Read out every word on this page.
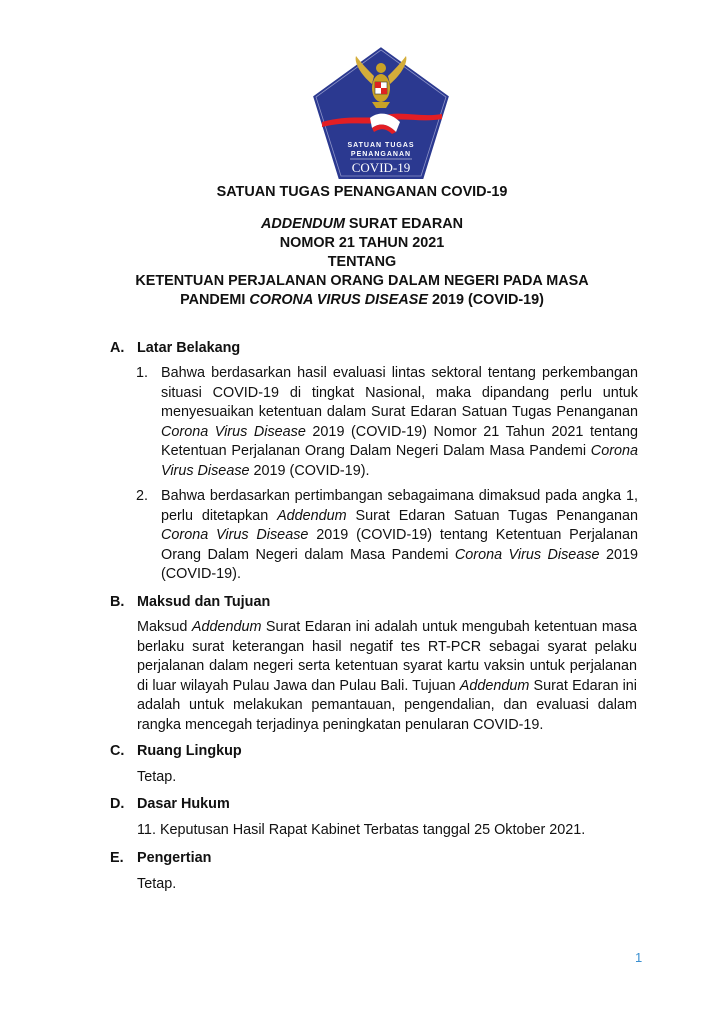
SATUAN TUGAS
PENANGANAN
COVID-19
SATUAN TUGAS PENANGANAN COVID-19
ADDENDUM SURAT EDARAN
NOMOR 21 TAHUN 2021
TENTANG
KETENTUAN PERJALANAN ORANG DALAM NEGERI PADA MASA
PANDEMI CORONA VIRUS DISEASE 2019 (COVID-19)
A. Latar Belakang
1. Bahwa berdasarkan hasil evaluasi lintas sektoral tentang perkembangan situasi COVID-19 di tingkat Nasional, maka dipandang perlu untuk menyesuaikan ketentuan dalam Surat Edaran Satuan Tugas Penanganan Corona Virus Disease 2019 (COVID-19) Nomor 21 Tahun 2021 tentang Ketentuan Perjalanan Orang Dalam Negeri Dalam Masa Pandemi Corona Virus Disease 2019 (COVID-19).
2. Bahwa berdasarkan pertimbangan sebagaimana dimaksud pada angka 1, perlu ditetapkan Addendum Surat Edaran Satuan Tugas Penanganan Corona Virus Disease 2019 (COVID-19) tentang Ketentuan Perjalanan Orang Dalam Negeri dalam Masa Pandemi Corona Virus Disease 2019 (COVID-19).
B. Maksud dan Tujuan
Maksud Addendum Surat Edaran ini adalah untuk mengubah ketentuan masa berlaku surat keterangan hasil negatif tes RT-PCR sebagai syarat pelaku perjalanan dalam negeri serta ketentuan syarat kartu vaksin untuk perjalanan di luar wilayah Pulau Jawa dan Pulau Bali. Tujuan Addendum Surat Edaran ini adalah untuk melakukan pemantauan, pengendalian, dan evaluasi dalam rangka mencegah terjadinya peningkatan penularan COVID-19.
C. Ruang Lingkup
Tetap.
D. Dasar Hukum
11. Keputusan Hasil Rapat Kabinet Terbatas tanggal 25 Oktober 2021.
E. Pengertian
Tetap.
1
